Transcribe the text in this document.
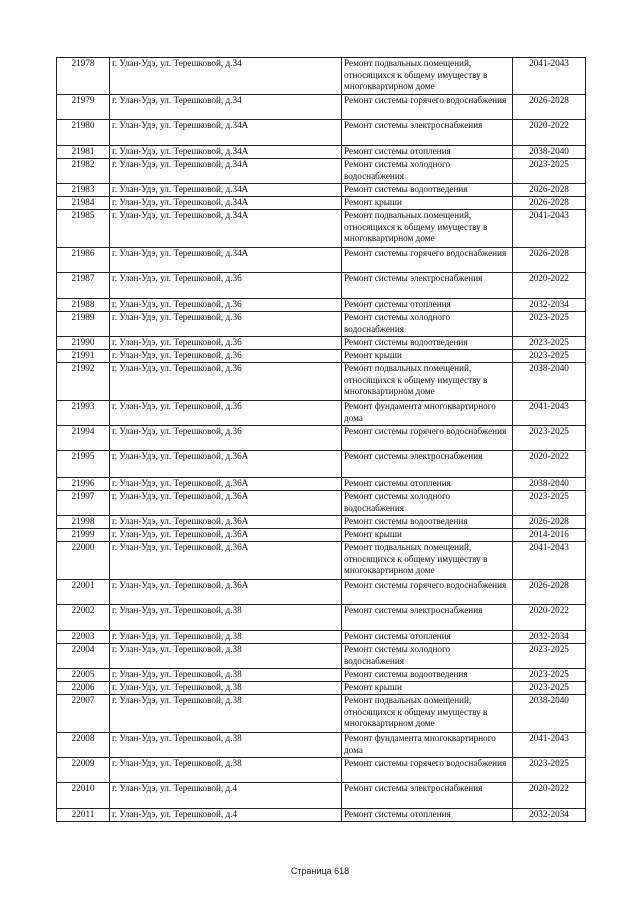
21978	г. Улан-Удэ, ул. Терешковой, д.34	Ремонт подвальных помещений, относящихся к общему имуществу в многоквартирном доме	2041-2043
21979	г. Улан-Удэ, ул. Терешковой, д.34	Ремонт системы горячего водоснабжения	2026-2028
21980	г. Улан-Удэ, ул. Терешковой, д.34А	Ремонт системы электроснабжения	2020-2022
21981	г. Улан-Удэ, ул. Терешковой, д.34А	Ремонт системы отопления	2038-2040
21982	г. Улан-Удэ, ул. Терешковой, д.34А	Ремонт системы холодного водоснабжения	2023-2025
21983	г. Улан-Удэ, ул. Терешковой, д.34А	Ремонт системы водоотведения	2026-2028
21984	г. Улан-Удэ, ул. Терешковой, д.34А	Ремонт крыши	2026-2028
21985	г. Улан-Удэ, ул. Терешковой, д.34А	Ремонт подвальных помещений, относящихся к общему имуществу в многоквартирном доме	2041-2043
21986	г. Улан-Удэ, ул. Терешковой, д.34А	Ремонт системы горячего водоснабжения	2026-2028
21987	г. Улан-Удэ, ул. Терешковой, д.36	Ремонт системы электроснабжения	2020-2022
21988	г. Улан-Удэ, ул. Терешковой, д.36	Ремонт системы отопления	2032-2034
21989	г. Улан-Удэ, ул. Терешковой, д.36	Ремонт системы холодного водоснабжения	2023-2025
21990	г. Улан-Удэ, ул. Терешковой, д.36	Ремонт системы водоотведения	2023-2025
21991	г. Улан-Удэ, ул. Терешковой, д.36	Ремонт крыши	2023-2025
21992	г. Улан-Удэ, ул. Терешковой, д.36	Ремонт подвальных помещений, относящихся к общему имуществу в многоквартирном доме	2038-2040
21993	г. Улан-Удэ, ул. Терешковой, д.36	Ремонт фундамента многоквартирного дома	2041-2043
21994	г. Улан-Удэ, ул. Терешковой, д.36	Ремонт системы горячего водоснабжения	2023-2025
21995	г. Улан-Удэ, ул. Терешковой, д.36А	Ремонт системы электроснабжения	2020-2022
21996	г. Улан-Удэ, ул. Терешковой, д.36А	Ремонт системы отопления	2038-2040
21997	г. Улан-Удэ, ул. Терешковой, д.36А	Ремонт системы холодного водоснабжения	2023-2025
21998	г. Улан-Удэ, ул. Терешковой, д.36А	Ремонт системы водоотведения	2026-2028
21999	г. Улан-Удэ, ул. Терешковой, д.36А	Ремонт крыши	2014-2016
22000	г. Улан-Удэ, ул. Терешковой, д.36А	Ремонт подвальных помещений, относящихся к общему имуществу в многоквартирном доме	2041-2043
22001	г. Улан-Удэ, ул. Терешковой, д.36А	Ремонт системы горячего водоснабжения	2026-2028
22002	г. Улан-Удэ, ул. Терешковой, д.38	Ремонт системы электроснабжения	2020-2022
22003	г. Улан-Удэ, ул. Терешковой, д.38	Ремонт системы отопления	2032-2034
22004	г. Улан-Удэ, ул. Терешковой, д.38	Ремонт системы холодного водоснабжения	2023-2025
22005	г. Улан-Удэ, ул. Терешковой, д.38	Ремонт системы водоотведения	2023-2025
22006	г. Улан-Удэ, ул. Терешковой, д.38	Ремонт крыши	2023-2025
22007	г. Улан-Удэ, ул. Терешковой, д.38	Ремонт подвальных помещений, относящихся к общему имуществу в многоквартирном доме	2038-2040
22008	г. Улан-Удэ, ул. Терешковой, д.38	Ремонт фундамента многоквартирного дома	2041-2043
22009	г. Улан-Удэ, ул. Терешковой, д.38	Ремонт системы горячего водоснабжения	2023-2025
22010	г. Улан-Удэ, ул. Терешковой, д.4	Ремонт системы электроснабжения	2020-2022
22011	г. Улан-Удэ, ул. Терешковой, д.4	Ремонт системы отопления	2032-2034
Страница 618
